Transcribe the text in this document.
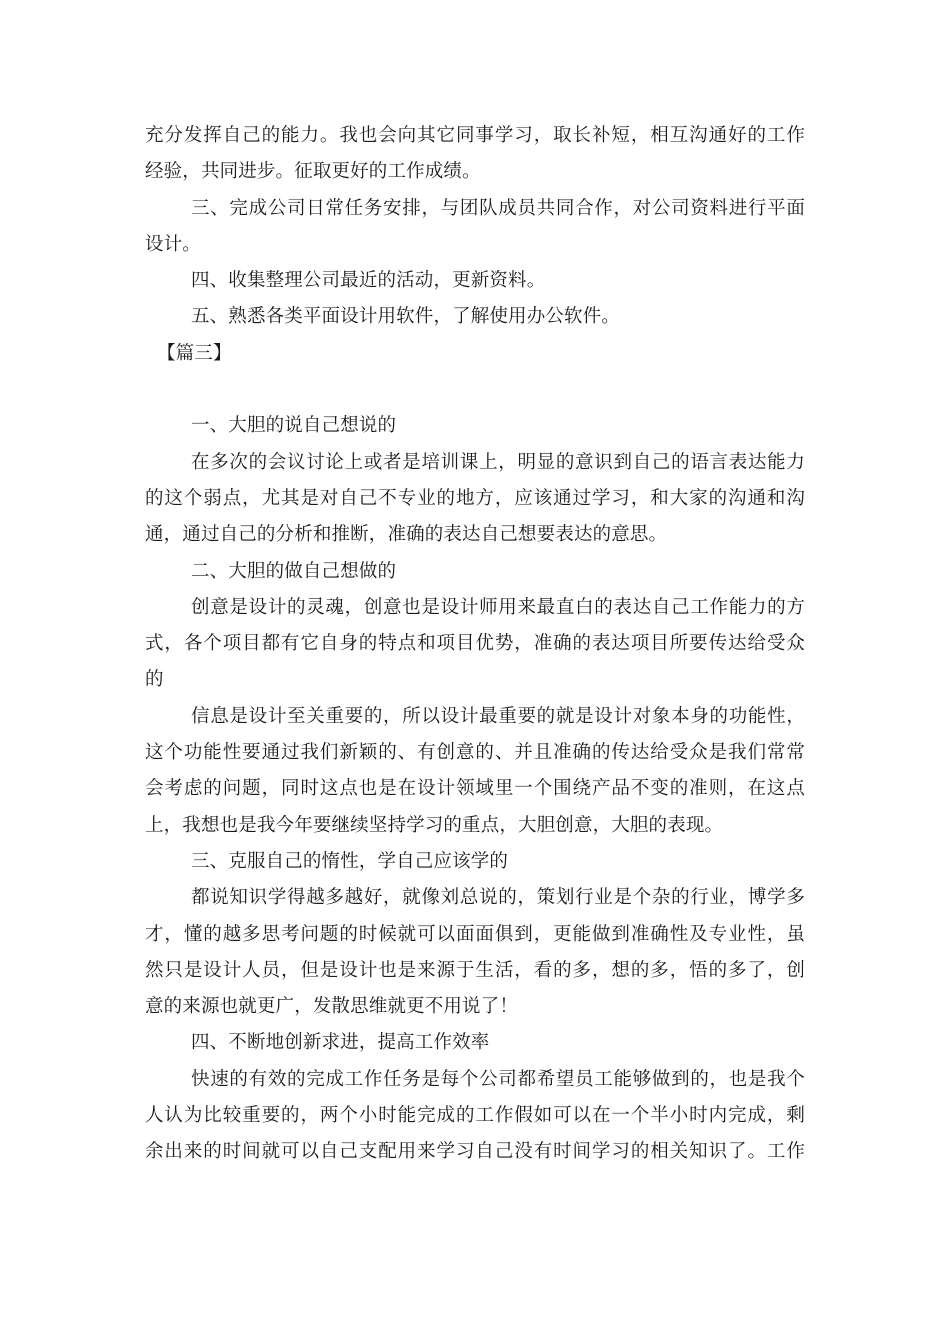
充分发挥自己的能力。我也会向其它同事学习，取长补短，相互沟通好的工作
经验，共同进步。征取更好的工作成绩。
三、完成公司日常任务安排，与团队成员共同合作，对公司资料进行平面
设计。
四、收集整理公司最近的活动，更新资料。
五、熟悉各类平面设计用软件，了解使用办公软件。
【篇三】
一、大胆的说自己想说的
在多次的会议讨论上或者是培训课上，明显的意识到自己的语言表达能力
的这个弱点，尤其是对自己不专业的地方，应该通过学习，和大家的沟通和沟
通，通过自己的分析和推断，准确的表达自己想要表达的意思。
二、大胆的做自己想做的
创意是设计的灵魂，创意也是设计师用来最直白的表达自己工作能力的方
式，各个项目都有它自身的特点和项目优势，准确的表达项目所要传达给受众
的
信息是设计至关重要的，所以设计最重要的就是设计对象本身的功能性，
这个功能性要通过我们新颖的、有创意的、并且准确的传达给受众是我们常常
会考虑的问题，同时这点也是在设计领域里一个围绕产品不变的准则，在这点
上，我想也是我今年要继续坚持学习的重点，大胆创意，大胆的表现。
三、克服自己的惰性，学自己应该学的
都说知识学得越多越好，就像刘总说的，策划行业是个杂的行业，博学多
才，懂的越多思考问题的时候就可以面面俱到，更能做到准确性及专业性，虽
然只是设计人员，但是设计也是来源于生活，看的多，想的多，悟的多了，创
意的来源也就更广，发散思维就更不用说了！
四、不断地创新求进，提高工作效率
快速的有效的完成工作任务是每个公司都希望员工能够做到的，也是我个
人认为比较重要的，两个小时能完成的工作假如可以在一个半小时内完成，剩
余出来的时间就可以自己支配用来学习自己没有时间学习的相关知识了。工作
